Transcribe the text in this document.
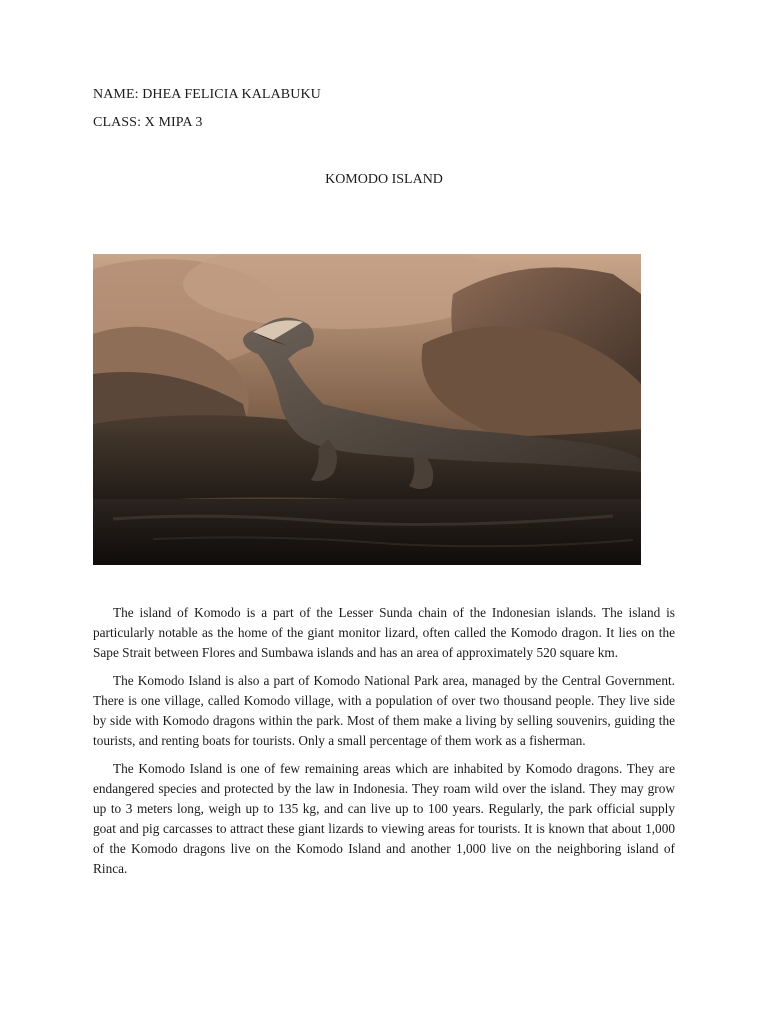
NAME: DHEA FELICIA KALABUKU
CLASS: X MIPA 3
KOMODO ISLAND

The island of Komodo is a part of the Lesser Sunda chain of the Indonesian islands. The island is particularly notable as the home of the giant monitor lizard, often called the Komodo dragon. It lies on the Sape Strait between Flores and Sumbawa islands and has an area of approximately 520 square km.

The Komodo Island is also a part of Komodo National Park area, managed by the Central Government. There is one village, called Komodo village, with a population of over two thousand people. They live side by side with Komodo dragons within the park. Most of them make a living by selling souvenirs, guiding the tourists, and renting boats for tourists. Only a small percentage of them work as a fisherman.

The Komodo Island is one of few remaining areas which are inhabited by Komodo dragons. They are endangered species and protected by the law in Indonesia. They roam wild over the island. They may grow up to 3 meters long, weigh up to 135 kg, and can live up to 100 years. Regularly, the park official supply goat and pig carcasses to attract these giant lizards to viewing areas for tourists. It is known that about 1,000 of the Komodo dragons live on the Komodo Island and another 1,000 live on the neighboring island of Rinca.
